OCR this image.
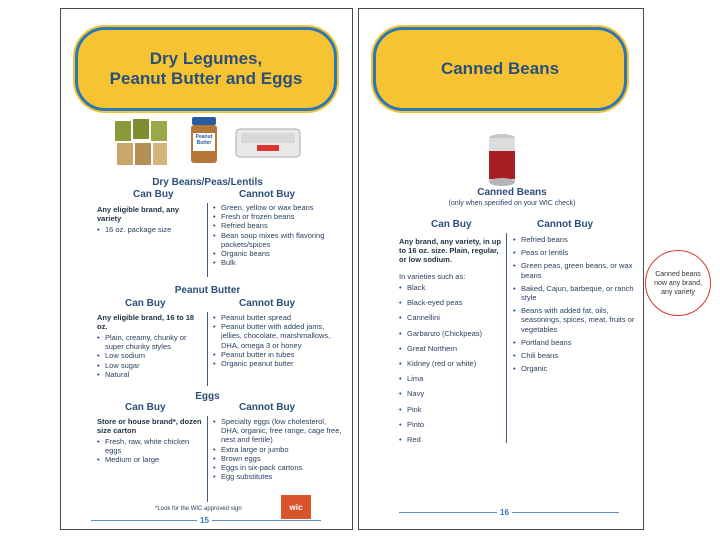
Dry Legumes,
Peanut Butter and Eggs
Peanut Butter
Dry Beans/Peas/Lentils
Can Buy	Cannot Buy
Any eligible brand, any variety
• 16 oz. package size
• Green, yellow or wax beans
• Fresh or frozen beans
• Refried beans
• Bean soup mixes with flavoring packets/spices
• Organic beans
• Bulk
Peanut Butter
Can Buy	Cannot Buy
Any eligible brand, 16 to 18 oz.
• Plain, creamy, chunky or super chunky styles
• Low sodium
• Low sugar
• Natural
• Peanut butter spread
• Peanut butter with added jams, jellies, chocolate, marshmallows, DHA, omega 3 or honey
• Peanut butter in tubes
• Organic peanut butter
Eggs
Can Buy	Cannot Buy
Store or house brand*, dozen size carton
• Fresh, raw, white chicken eggs
• Medium or large
• Specialty eggs (low cholesterol, DHA, organic, free range, cage free, nest and fertile)
• Extra large or jumbo
• Brown eggs
• Eggs in six-pack cartons
• Egg substitutes
*Look for the WIC approved sign	wic
15
Canned Beans
Canned Beans
(only when specified on your WIC check)
Can Buy	Cannot Buy
Any brand, any variety, in up to 16 oz. size. Plain, regular, or low sodium.
In varieties such as:
• Black
• Black-eyed peas
• Cannellini
• Garbanzo (Chickpeas)
• Great Northern
• Kidney (red or white)
• Lima
• Navy
• Pink
• Pinto
• Red
• Refried beans
• Peas or lentils
• Green peas, green beans, or wax beans
• Baked, Cajun, barbeque, or ranch style
• Beans with added fat, oils, seasonings, spices, meat, fruits or vegetables
• Portland beans
• Chili beans
• Organic
16
Canned beans now any brand, any variety
